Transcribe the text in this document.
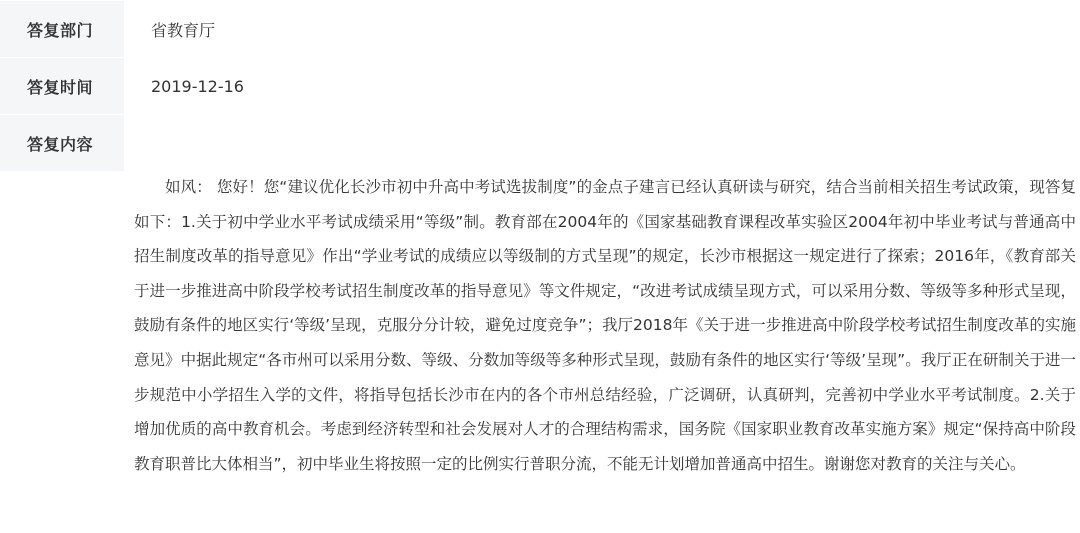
答复部门	省教育厅
答复时间	2019-12-16
答复内容

如风： 您好！您“建议优化长沙市初中升高中考试选拔制度”的金点子建言已经认真研读与研究，结合当前相关招生考试政策，现答复如下：1.关于初中学业水平考试成绩采用“等级”制。教育部在2004年的《国家基础教育课程改革实验区2004年初中毕业考试与普通高中招生制度改革的指导意见》作出“学业考试的成绩应以等级制的方式呈现”的规定，长沙市根据这一规定进行了探索；2016年，《教育部关于进一步推进高中阶段学校考试招生制度改革的指导意见》等文件规定，“改进考试成绩呈现方式，可以采用分数、等级等多种形式呈现，鼓励有条件的地区实行‘等级’呈现，克服分分计较，避免过度竞争”；我厅2018年《关于进一步推进高中阶段学校考试招生制度改革的实施意见》中据此规定“各市州可以采用分数、等级、分数加等级等多种形式呈现，鼓励有条件的地区实行‘等级’呈现”。我厅正在研制关于进一步规范中小学招生入学的文件，将指导包括长沙市在内的各个市州总结经验，广泛调研，认真研判，完善初中学业水平考试制度。2.关于增加优质的高中教育机会。考虑到经济转型和社会发展对人才的合理结构需求，国务院《国家职业教育改革实施方案》规定“保持高中阶段教育职普比大体相当”，初中毕业生将按照一定的比例实行普职分流，不能无计划增加普通高中招生。谢谢您对教育的关注与关心。
